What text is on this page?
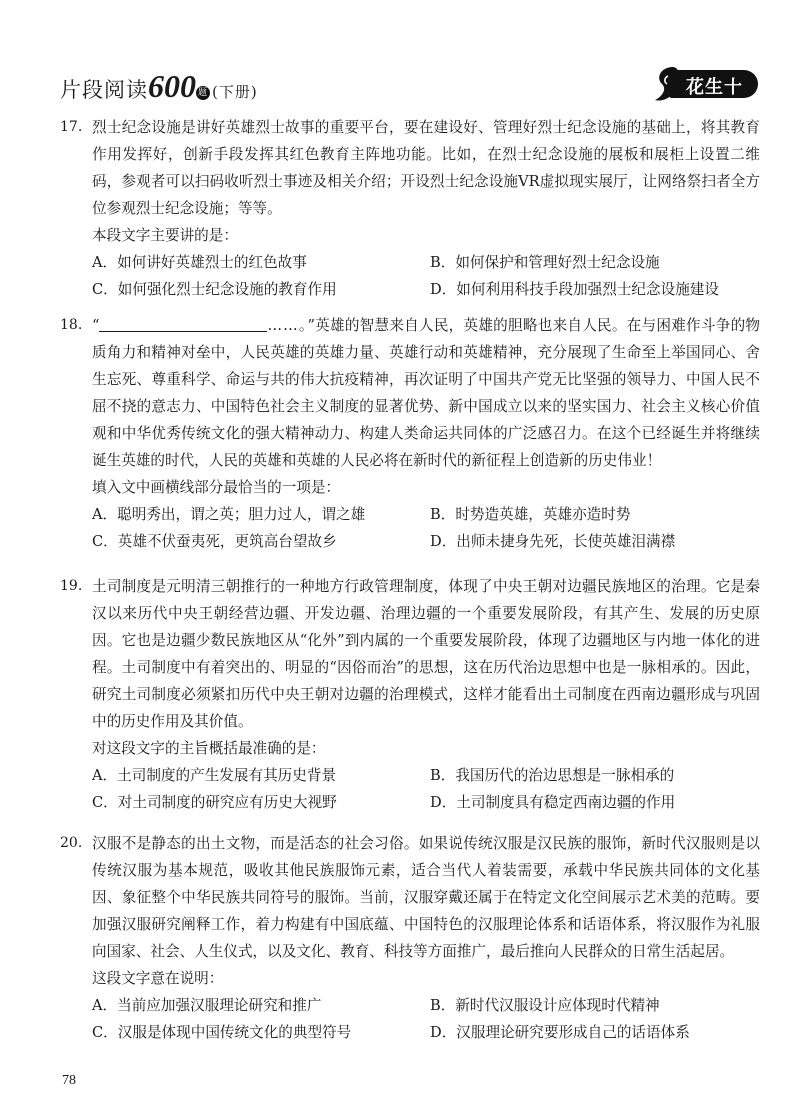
片段阅读600 题 (下册)	花生十三
17. 烈士纪念设施是讲好英雄烈士故事的重要平台，要在建设好、管理好烈士纪念设施的基础上，将其教育作用发挥好，创新手段发挥其红色教育主阵地功能。比如，在烈士纪念设施的展板和展柜上设置二维码，参观者可以扫码收听烈士事迹及相关介绍；开设烈士纪念设施VR虚拟现实展厅，让网络祭扫者全方位参观烈士纪念设施；等等。

本段文字主要讲的是：

A．如何讲好英雄烈士的红色故事	B．如何保护和管理好烈士纪念设施
C．如何强化烈士纪念设施的教育作用	D．如何利用科技手段加强烈士纪念设施建设
18. “	……。”英雄的智慧来自人民，英雄的胆略也来自人民。在与困难作斗争的物质角力和精神对垒中，人民英雄的英雄力量、英雄行动和英雄精神，充分展现了生命至上举国同心、舍生忘死、尊重科学、命运与共的伟大抗疫精神，再次证明了中国共产党无比坚强的领导力、中国人民不屈不挠的意志力、中国特色社会主义制度的显著优势、新中国成立以来的坚实国力、社会主义核心价值观和中华优秀传统文化的强大精神动力、构建人类命运共同体的广泛感召力。在这个已经诞生并将继续诞生英雄的时代，人民的英雄和英雄的人民必将在新时代的新征程上创造新的历史伟业！

填入文中画横线部分最恰当的一项是：

A．聪明秀出，谓之英；胆力过人，谓之雄	B．时势造英雄，英雄亦造时势
C．英雄不伏蚕夷死，更筑高台望故乡	D．出师未捷身先死，长使英雄泪满襟
19. 土司制度是元明清三朝推行的一种地方行政管理制度，体现了中央王朝对边疆民族地区的治理。它是秦汉以来历代中央王朝经营边疆、开发边疆、治理边疆的一个重要发展阶段，有其产生、发展的历史原因。它也是边疆少数民族地区从“化外”到内属的一个重要发展阶段，体现了边疆地区与内地一体化的进程。土司制度中有着突出的、明显的“因俗而治”的思想，这在历代治边思想中也是一脉相承的。因此，研究土司制度必须紧扣历代中央王朝对边疆的治理模式，这样才能看出土司制度在西南边疆形成与巩固中的历史作用及其价值。

对这段文字的主旨概括最准确的是：

A．土司制度的产生发展有其历史背景	B．我国历代的治边思想是一脉相承的
C．对土司制度的研究应有历史大视野	D．土司制度具有稳定西南边疆的作用
20. 汉服不是静态的出土文物，而是活态的社会习俗。如果说传统汉服是汉民族的服饰，新时代汉服则是以传统汉服为基本规范，吸收其他民族服饰元素，适合当代人着装需要，承载中华民族共同体的文化基因、象征整个中华民族共同符号的服饰。当前，汉服穿戴还属于在特定文化空间展示艺术美的范畴。要加强汉服研究阐释工作，着力构建有中国底蕴、中国特色的汉服理论体系和话语体系，将汉服作为礼服向国家、社会、人生仪式，以及文化、教育、科技等方面推广，最后推向人民群众的日常生活起居。

这段文字意在说明：

A．当前应加强汉服理论研究和推广	B．新时代汉服设计应体现时代精神
C．汉服是体现中国传统文化的典型符号	D．汉服理论研究要形成自己的话语体系
78
